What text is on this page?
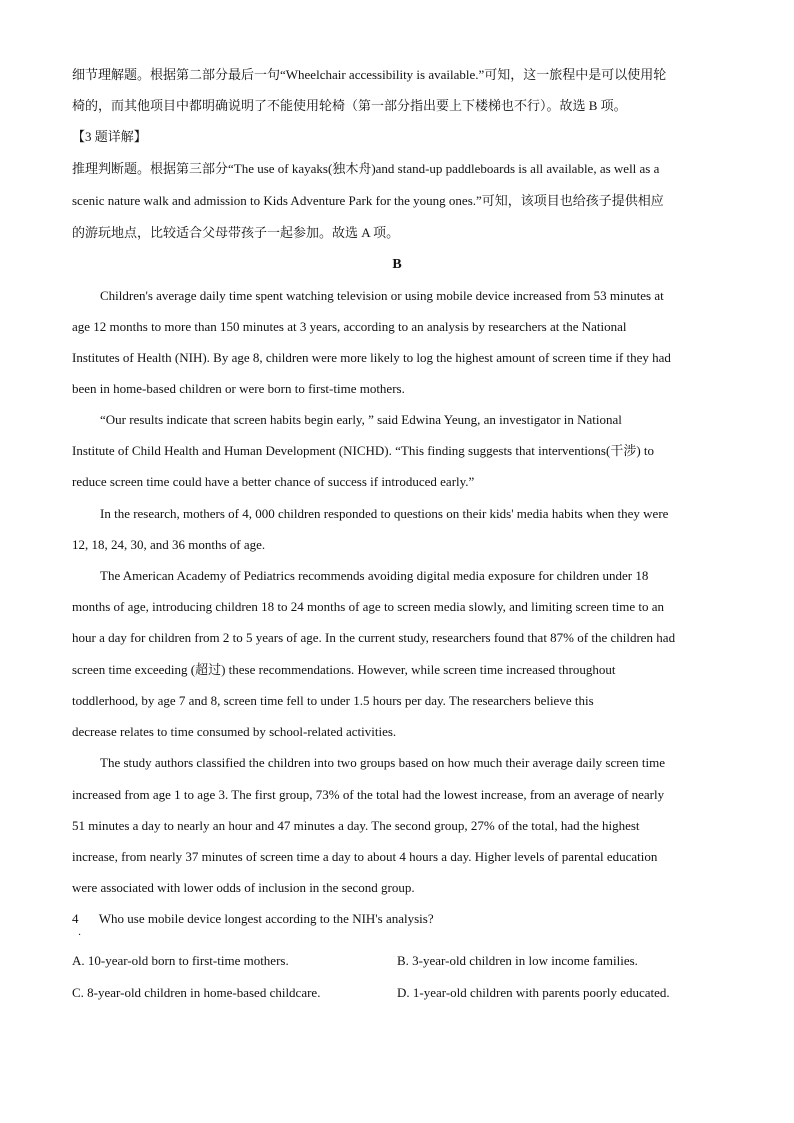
细节理解题。根据第二部分最后一句“Wheelchair accessibility is available.”可知，这一旅程中是可以使用轮
椅的，而其他项目中都明确说明了不能使用轮椅（第一部分指出要上下楼梯也不行）。故选 B 项。
【3 题详解】
推理判断题。根据第三部分“The use of kayaks(独木舟)and stand-up paddleboards is all available, as well as a
scenic nature walk and admission to Kids Adventure Park for the young ones.”可知，该项目也给孩子提供相应
的游玩地点，比较适合父母带孩子一起参加。故选 A 项。
B
Children's average daily time spent watching television or using mobile device increased from 53 minutes at
age 12 months to more than 150 minutes at 3 years, according to an analysis by researchers at the National
Institutes of Health (NIH). By age 8, children were more likely to log the highest amount of screen time if they had
been in home-based children or were born to first-time mothers.
“Our results indicate that screen habits begin early, ” said Edwina Yeung, an investigator in National
Institute of Child Health and Human Development (NICHD). “This finding suggests that interventions(干涉) to
reduce screen time could have a better chance of success if introduced early.”
In the research, mothers of 4, 000 children responded to questions on their kids' media habits when they were
12, 18, 24, 30, and 36 months of age.
The American Academy of Pediatrics recommends avoiding digital media exposure for children under 18
months of age, introducing children 18 to 24 months of age to screen media slowly, and limiting screen time to an
hour a day for children from 2 to 5 years of age. In the current study, researchers found that 87% of the children had
screen time exceeding (超过) these recommendations. However, while screen time increased throughout
toddlerhood, by age 7 and 8, screen time fell to under 1.5 hours per day. The researchers believe this
decrease relates to time consumed by school-related activities.
The study authors classified the children into two groups based on how much their average daily screen time
increased from age 1 to age 3. The first group, 73% of the total had the lowest increase, from an average of nearly
51 minutes a day to nearly an hour and 47 minutes a day. The second group, 27% of the total, had the highest
increase, from nearly 37 minutes of screen time a day to about 4 hours a day. Higher levels of parental education
were associated with lower odds of inclusion in the second group.
4 Who use mobile device longest according to the NIH's analysis?
．
A. 10-year-old born to first-time mothers.	B. 3-year-old children in low income families.
C. 8-year-old children in home-based childcare.	D. 1-year-old children with parents poorly educated.
